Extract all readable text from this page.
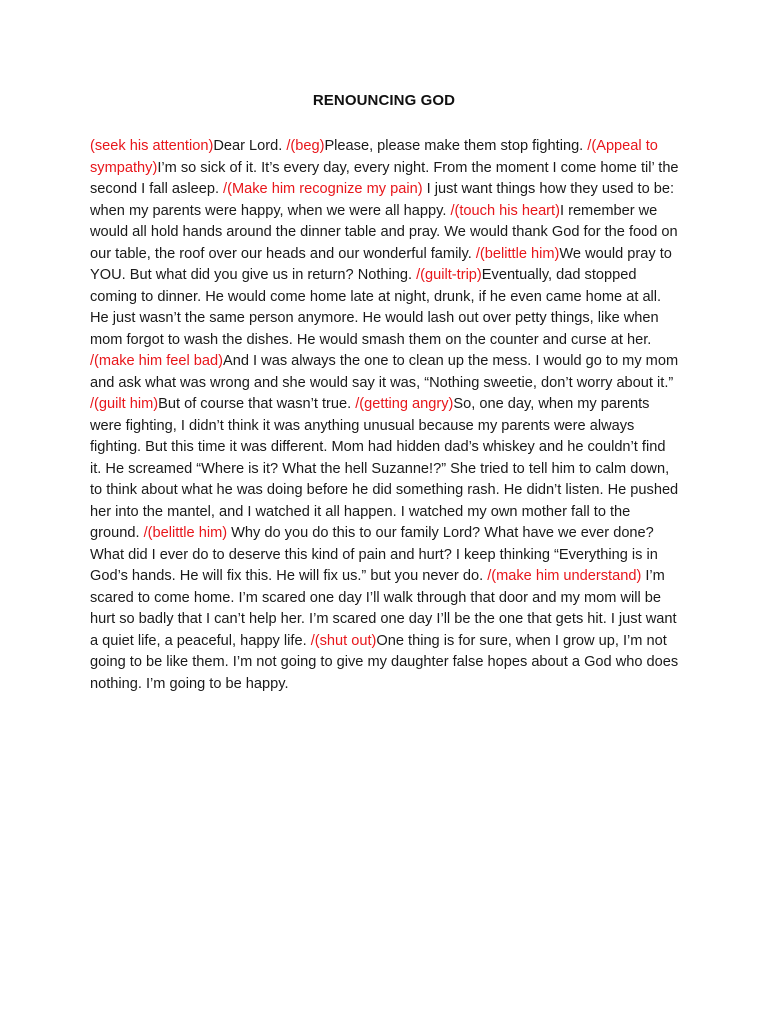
RENOUNCING GOD

(seek his attention)Dear Lord. /(beg)Please, please make them stop fighting. /(Appeal to sympathy)I’m so sick of it. It’s every day, every night. From the moment I come home til’ the second I fall asleep. /(Make him recognize my pain) I just want things how they used to be: when my parents were happy, when we were all happy. /(touch his heart)I remember we would all hold hands around the dinner table and pray. We would thank God for the food on our table, the roof over our heads and our wonderful family. /(belittle him)We would pray to YOU. But what did you give us in return? Nothing. /(guilt-trip)Eventually, dad stopped coming to dinner. He would come home late at night, drunk, if he even came home at all. He just wasn’t the same person anymore. He would lash out over petty things, like when mom forgot to wash the dishes. He would smash them on the counter and curse at her. /(make him feel bad)And I was always the one to clean up the mess. I would go to my mom and ask what was wrong and she would say it was, “Nothing sweetie, don’t worry about it.” /(guilt him)But of course that wasn’t true. /(getting angry)So, one day, when my parents were fighting, I didn’t think it was anything unusual because my parents were always fighting. But this time it was different. Mom had hidden dad’s whiskey and he couldn’t find it. He screamed “Where is it? What the hell Suzanne!?” She tried to tell him to calm down, to think about what he was doing before he did something rash. He didn’t listen. He pushed her into the mantel, and I watched it all happen. I watched my own mother fall to the ground. /(belittle him) Why do you do this to our family Lord? What have we ever done? What did I ever do to deserve this kind of pain and hurt? I keep thinking “Everything is in God’s hands. He will fix this. He will fix us.” but you never do. /(make him understand) I’m scared to come home. I’m scared one day I’ll walk through that door and my mom will be hurt so badly that I can’t help her. I’m scared one day I’ll be the one that gets hit. I just want a quiet life, a peaceful, happy life. /(shut out)One thing is for sure, when I grow up, I’m not going to be like them. I’m not going to give my daughter false hopes about a God who does nothing. I’m going to be happy.
